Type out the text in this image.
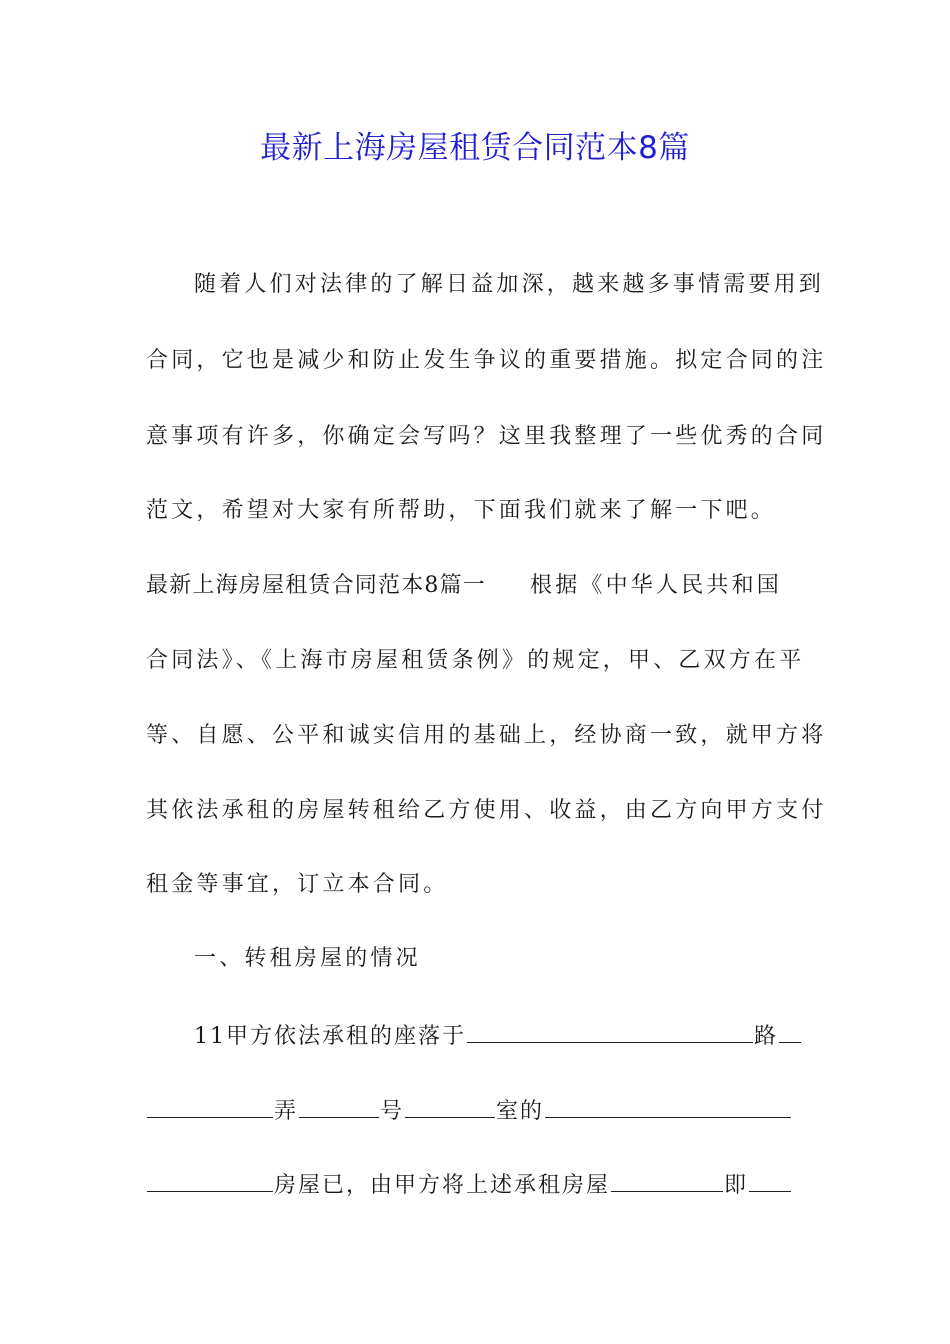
最新上海房屋租赁合同范本8篇
随着人们对法律的了解日益加深，越来越多事情需要用到
合同，它也是减少和防止发生争议的重要措施。拟定合同的注
意事项有许多，你确定会写吗？这里我整理了一些优秀的合同
范文，希望对大家有所帮助，下面我们就来了解一下吧。
最新上海房屋租赁合同范本8篇一 根据《中华人民共和国
合同法》、《上海市房屋租赁条例》的规定，甲、乙双方在平
等、自愿、公平和诚实信用的基础上，经协商一致，就甲方将
其依法承租的房屋转租给乙方使用、收益，由乙方向甲方支付
租金等事宜，订立本合同。
一、转租房屋的情况
11甲方依法承租的座落于	路
弄	号	室的
房屋已，由甲方将上述承租房屋	即
